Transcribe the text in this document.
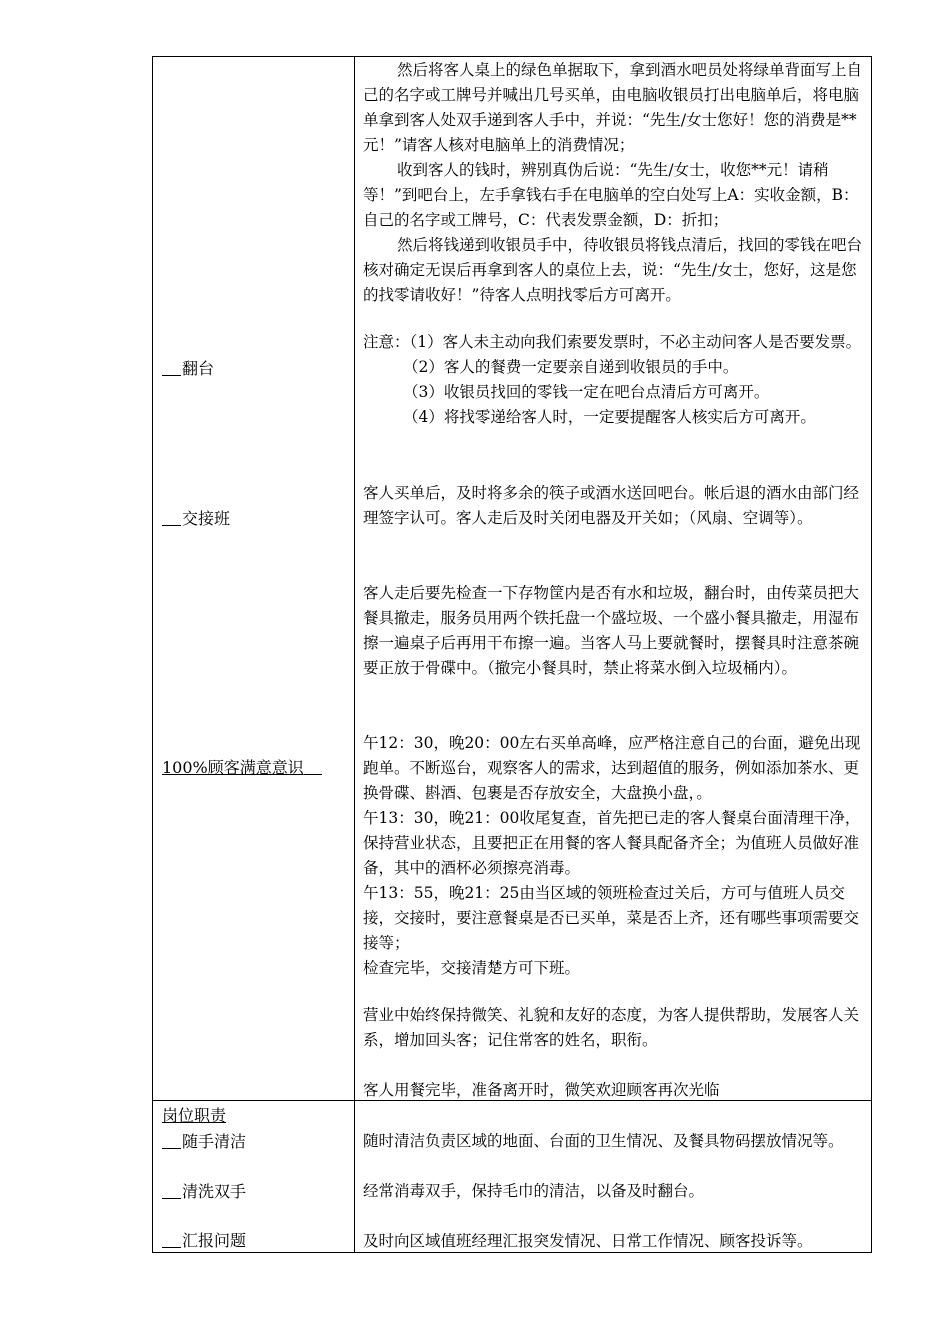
翻台
交接班
100%顾客满意意识

然后将客人桌上的绿色单据取下，拿到酒水吧员处将绿单背面写上自己的名字或工牌号并喊出几号买单，由电脑收银员打出电脑单后，将电脑单拿到客人处双手递到客人手中，并说：“先生/女士您好！您的消费是**元！”请客人核对电脑单上的消费情况；

收到客人的钱时，辨别真伪后说：“先生/女士，收您**元！请稍等！”到吧台上，左手拿钱右手在电脑单的空白处写上A：实收金额，B：自己的名字或工牌号，C：代表发票金额，D：折扣；

然后将钱递到收银员手中，待收银员将钱点清后，找回的零钱在吧台核对确定无误后再拿到客人的桌位上去，说：“先生/女士，您好，这是您的找零请收好！”待客人点明找零后方可离开。

注意：（1）客人未主动向我们索要发票时，不必主动问客人是否要发票。

（2）客人的餐费一定要亲自递到收银员的手中。

（3）收银员找回的零钱一定在吧台点清后方可离开。

（4）将找零递给客人时，一定要提醒客人核实后方可离开。

客人买单后，及时将多余的筷子或酒水送回吧台。帐后退的酒水由部门经理签字认可。客人走后及时关闭电器及开关如；（风扇、空调等）。

客人走后要先检查一下存物筐内是否有水和垃圾，翻台时，由传菜员把大餐具撤走，服务员用两个铁托盘一个盛垃圾、一个盛小餐具撤走，用湿布擦一遍桌子后再用干布擦一遍。当客人马上要就餐时，摆餐具时注意茶碗要正放于骨碟中。（撤完小餐具时，禁止将菜水倒入垃圾桶内）。

午12：30，晚20：00左右买单高峰，应严格注意自己的台面，避免出现跑单。不断巡台，观察客人的需求，达到超值的服务，例如添加茶水、更换骨碟、斟酒、包裹是否存放安全，大盘换小盘，。

午13：30，晚21：00收尾复查，首先把已走的客人餐桌台面清理干净，保持营业状态，且要把正在用餐的客人餐具配备齐全；为值班人员做好准备，其中的酒杯必须擦亮消毒。

午13：55，晚21：25由当区域的领班检查过关后，方可与值班人员交接，交接时，要注意餐桌是否已买单，菜是否上齐，还有哪些事项需要交接等；

检查完毕，交接清楚方可下班。

营业中始终保持微笑、礼貌和友好的态度，为客人提供帮助，发展客人关系，增加回头客；记住常客的姓名，职衔。

客人用餐完毕，准备离开时，微笑欢迎顾客再次光临

岗位职责
随手清洁
清洗双手
汇报问题

随时清洁负责区域的地面、台面的卫生情况、及餐具物码摆放情况等。

经常消毒双手，保持毛巾的清洁，以备及时翻台。

及时向区域值班经理汇报突发情况、日常工作情况、顾客投诉等。
